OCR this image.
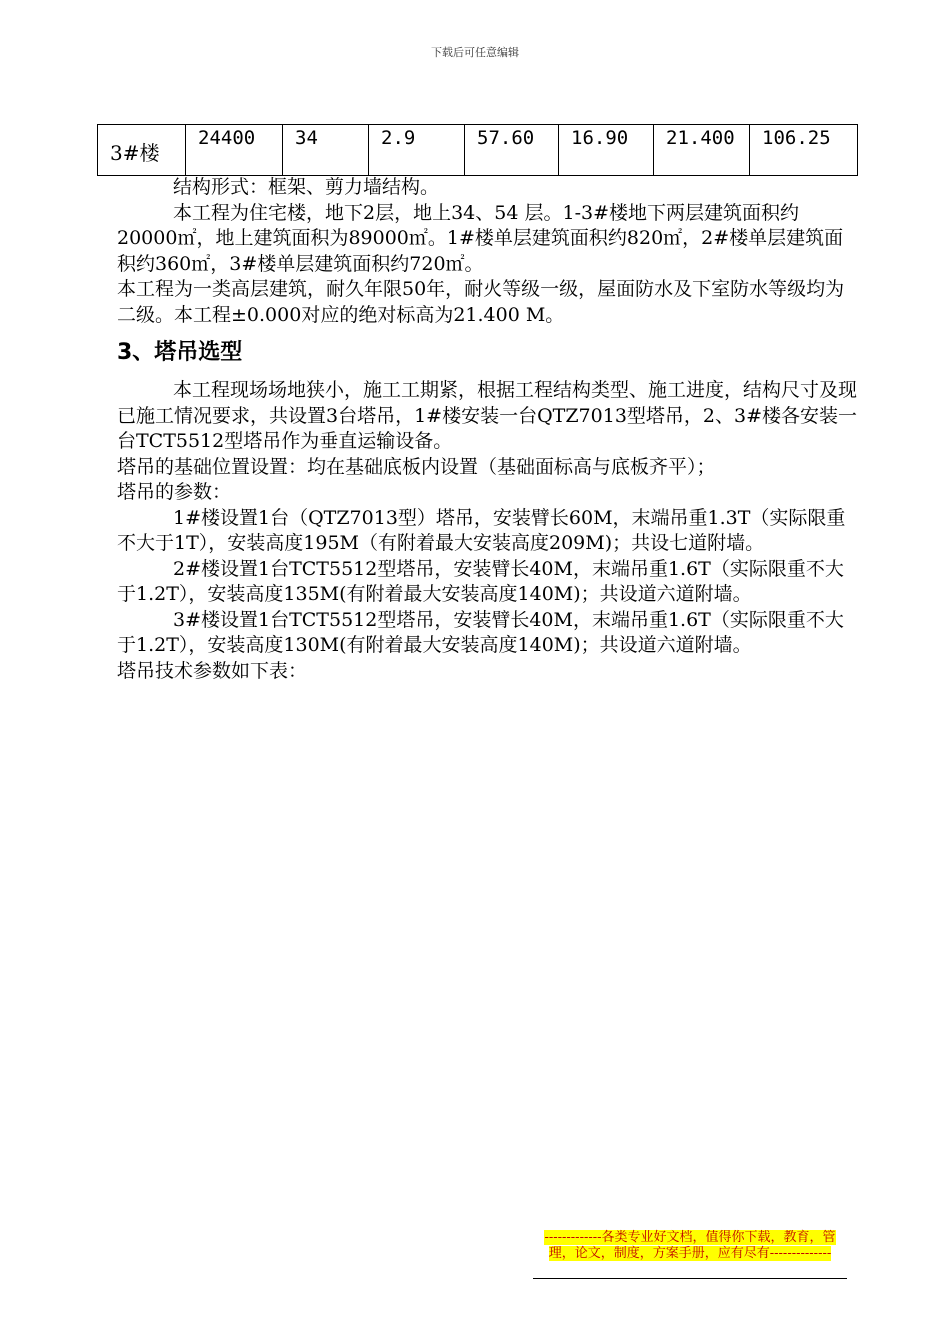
下载后可任意编辑
3#楼	24400	34	2.9	57.60	16.90	21.400	106.25

结构形式：框架、剪力墙结构。

本工程为住宅楼，地下2层，地上34、54 层。1-3#楼地下两层建筑面积约20000㎡，地上建筑面积为89000㎡。1#楼单层建筑面积约820㎡，2#楼单层建筑面积约360㎡，3#楼单层建筑面积约720㎡。

本工程为一类高层建筑，耐久年限50年，耐火等级一级，屋面防水及下室防水等级均为二级。本工程±0.000对应的绝对标高为21.400 M。

3、塔吊选型

本工程现场场地狭小，施工工期紧，根据工程结构类型、施工进度，结构尺寸及现已施工情况要求，共设置3台塔吊，1#楼安装一台QTZ7013型塔吊，2、3#楼各安装一台TCT5512型塔吊作为垂直运输设备。

塔吊的基础位置设置：均在基础底板内设置（基础面标高与底板齐平）；

塔吊的参数：

1#楼设置1台（QTZ7013型）塔吊，安装臂长60M，末端吊重1.3T（实际限重不大于1T），安装高度195M（有附着最大安装高度209M)；共设七道附墙。

2#楼设置1台TCT5512型塔吊，安装臂长40M，末端吊重1.6T（实际限重不大于1.2T），安装高度135M(有附着最大安装高度140M)；共设道六道附墙。

3#楼设置1台TCT5512型塔吊，安装臂长40M，末端吊重1.6T（实际限重不大于1.2T），安装高度130M(有附着最大安装高度140M)；共设道六道附墙。

塔吊技术参数如下表：

-------------各类专业好文档，值得你下载，教育，管理，论文，制度，方案手册，应有尽有--------------
